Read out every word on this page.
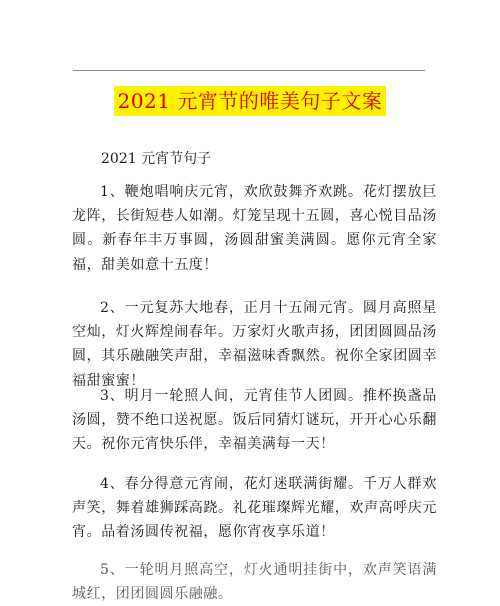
2021 元宵节的唯美句子文案
2021 元宵节句子

1、鞭炮唱响庆元宵，欢欣鼓舞齐欢跳。花灯摆放巨龙阵，长街短巷人如潮。灯笼呈现十五圆，喜心悦目品汤圆。新春年丰万事圆，汤圆甜蜜美满圆。愿你元宵全家福，甜美如意十五度！

2、一元复苏大地春，正月十五闹元宵。圆月高照星空灿，灯火辉煌闹春年。万家灯火歌声扬，团团圆圆品汤圆，其乐融融笑声甜，幸福滋味香飘然。祝你全家团圆幸福甜蜜蜜！

3、明月一轮照人间，元宵佳节人团圆。推杯换盏品汤圆，赞不绝口送祝愿。饭后同猜灯谜玩，开开心心乐翻天。祝你元宵快乐伴，幸福美满每一天！

4、春分得意元宵闹，花灯迷联满街耀。千万人群欢声笑，舞着雄狮踩高跷。礼花璀璨辉光耀，欢声高呼庆元宵。品着汤圆传祝福，愿你宵夜享乐道！

5、一轮明月照高空，灯火通明挂街中，欢声笑语满城红，团团圆圆乐融融。
